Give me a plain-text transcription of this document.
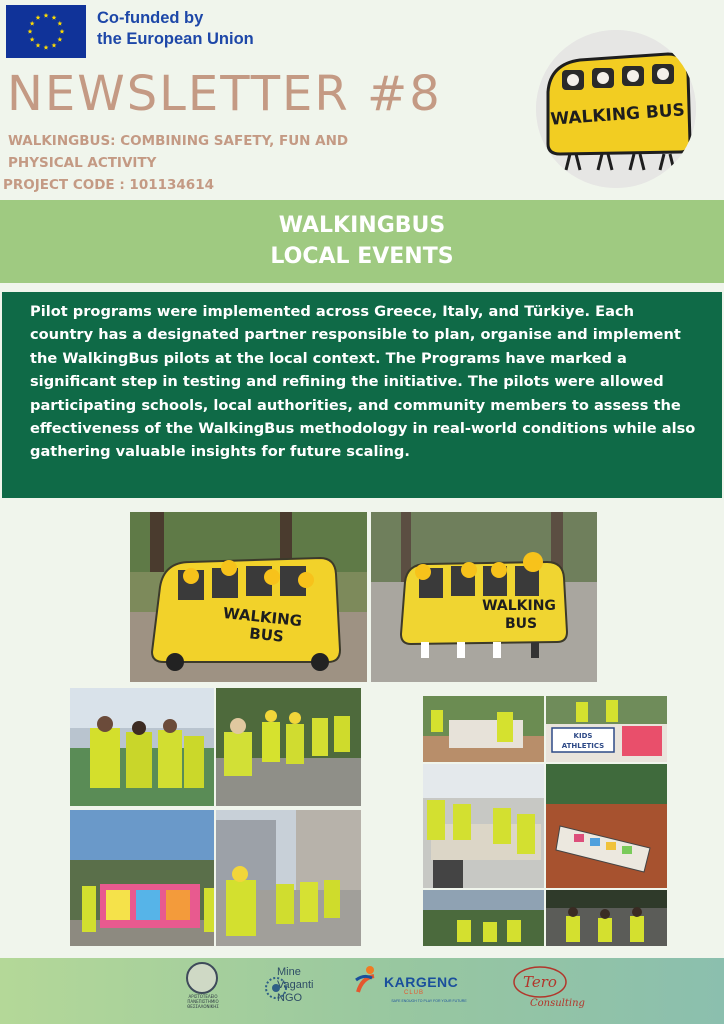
Co-funded by
the European Union
NEWSLETTER #8
WALKINGBUS: COMBINING SAFETY, FUN AND
PHYSICAL ACTIVITY
PROJECT CODE : 101134614
WALKING BUS
WALKINGBUS
LOCAL EVENTS

Pilot programs were implemented across Greece, Italy, and Türkiye. Each country has a designated partner responsible to plan, organise and implement the WalkingBus pilots at the local context. The Programs have marked a significant step in testing and refining the initiative. The pilots were allowed participating schools, local authorities, and community members to assess the effectiveness of the WalkingBus methodology in real-world conditions while also gathering valuable insights for future scaling.

WALKING
BUS
WALKING
BUS
KIDS
ATHLETICS
ΑΡΙΣΤΟΤΕΛΕΙΟ ΠΑΝΕΠΙΣΤΗΜΙΟ ΘΕΣΣΑΛΟΝΙΚΗΣ
Mine
Vaganti
NGO
KARGENC
CLUB
SAFE ENOUGH TO PLAY FOR YOUR FUTURE
Tero
Consulting
